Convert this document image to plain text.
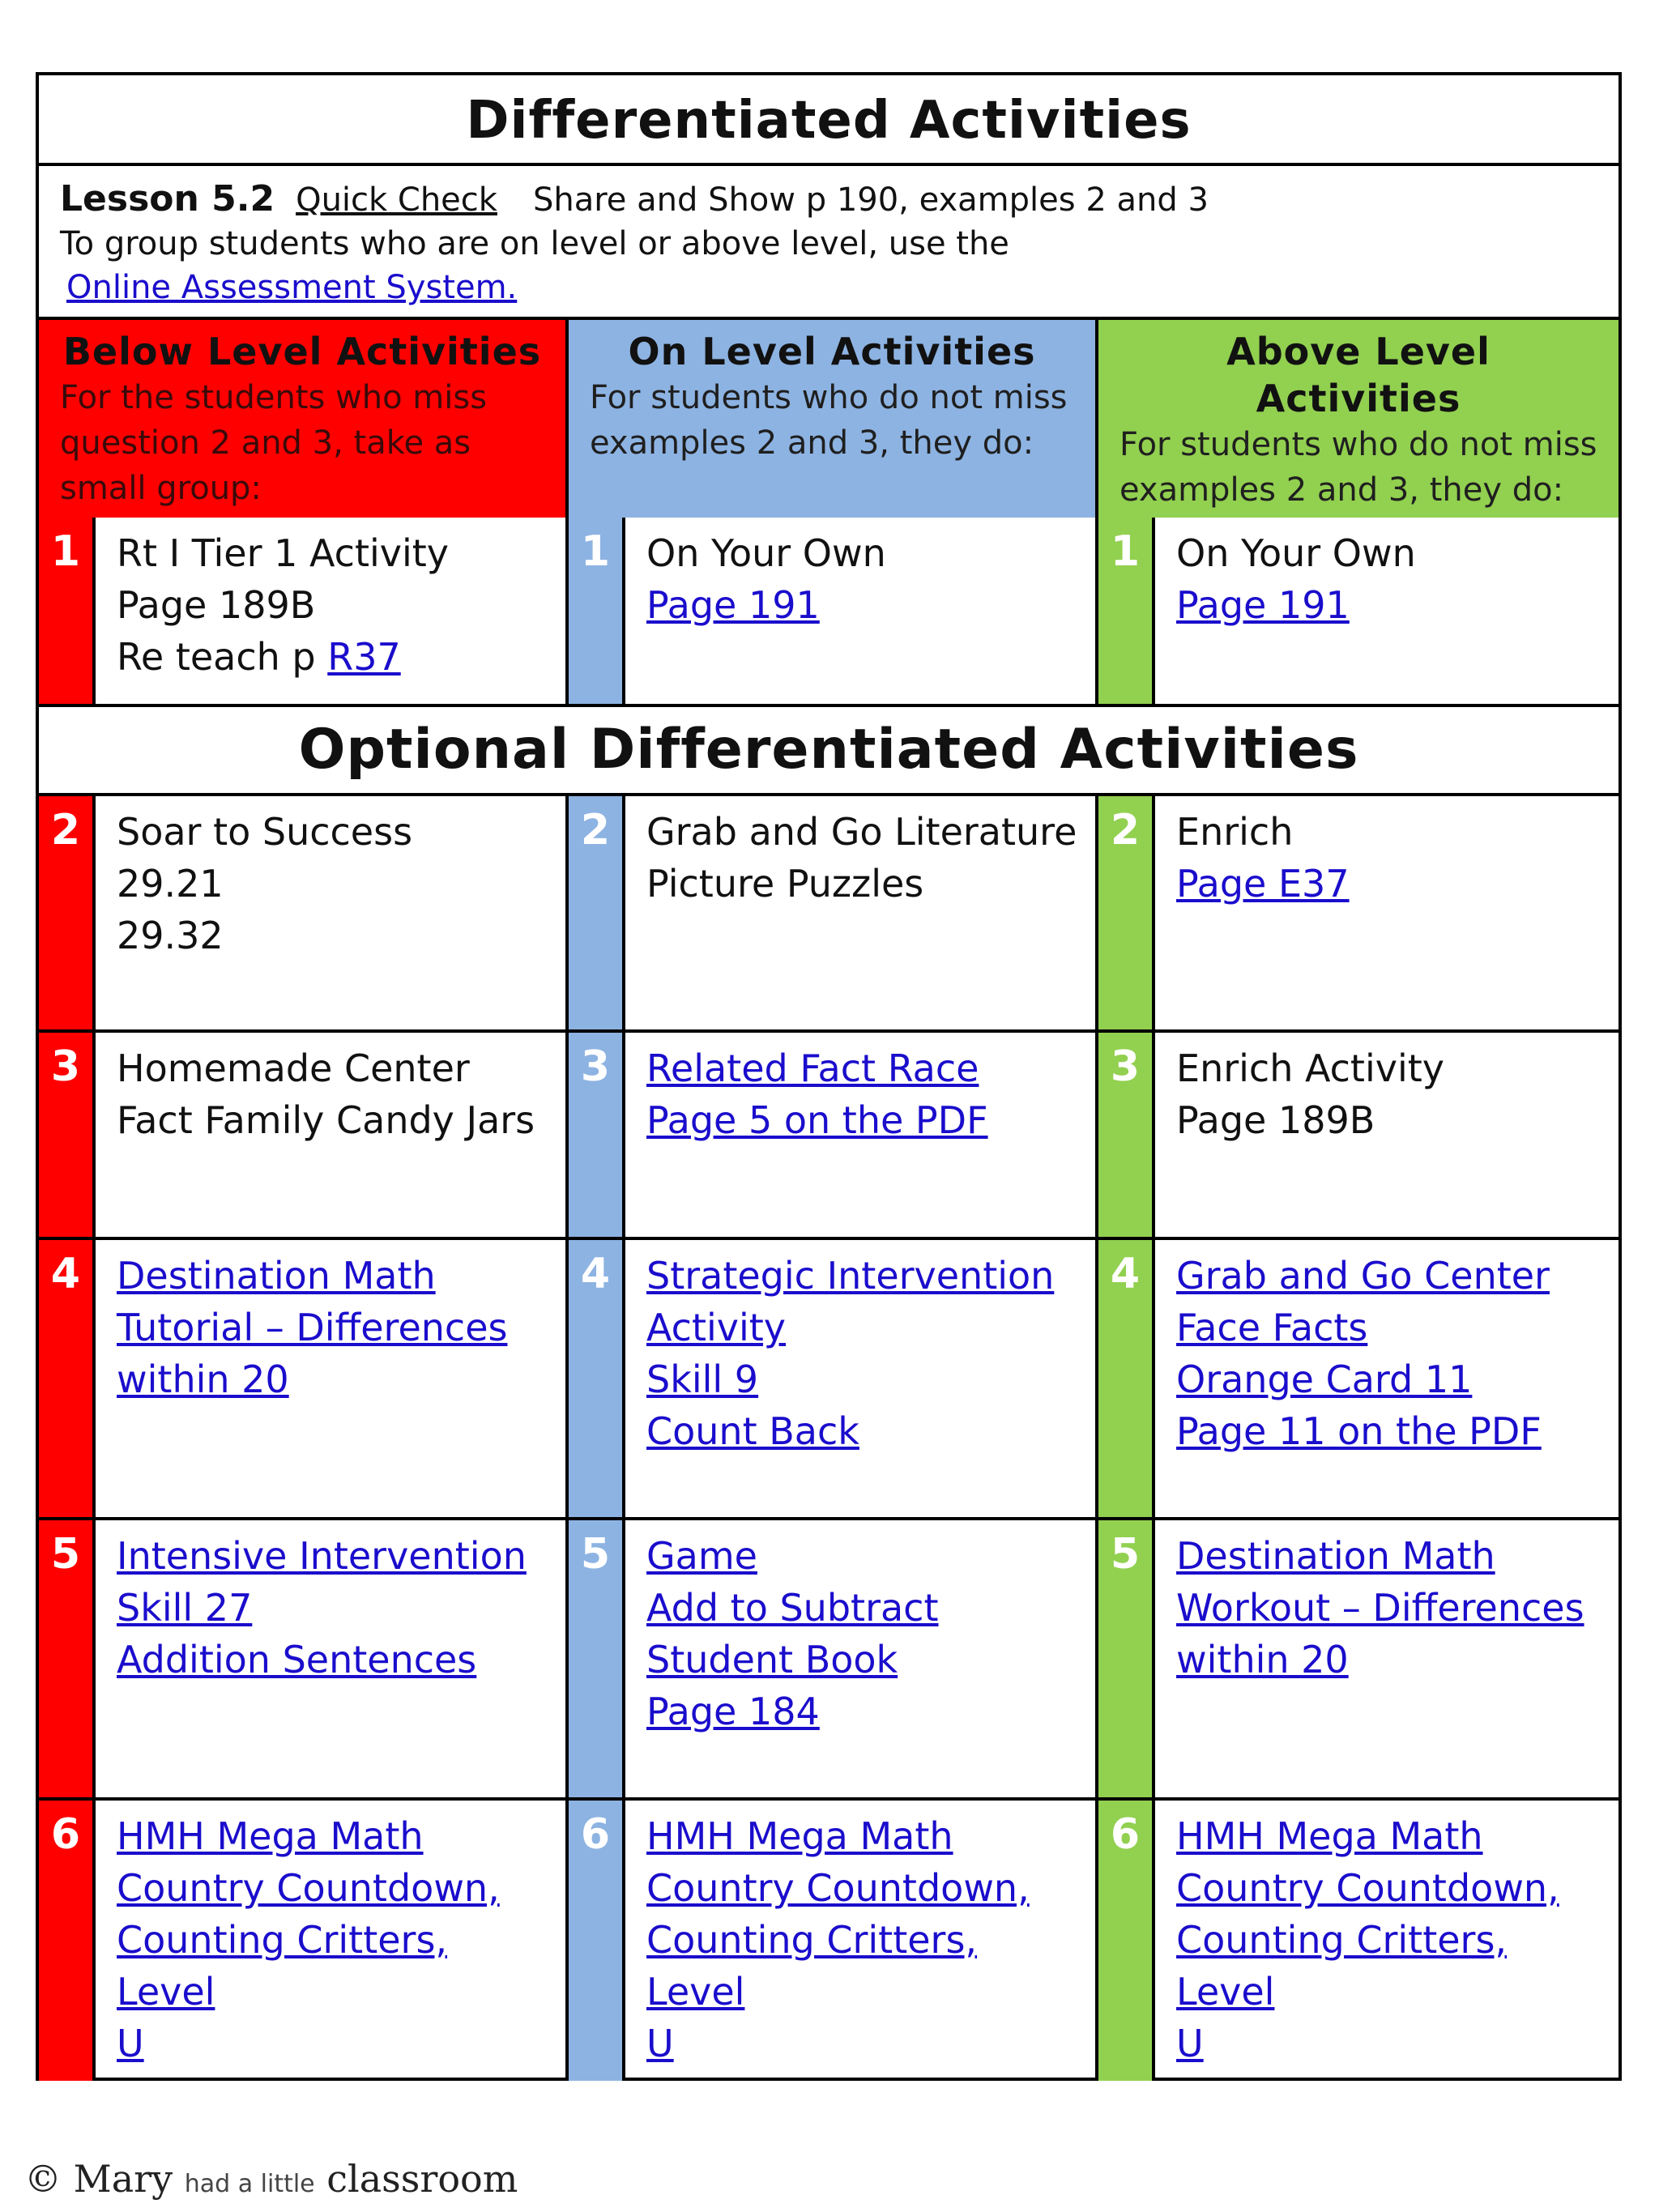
Differentiated Activities
Lesson 5.2 Quick Check Share and Show p 190, examples 2 and 3
To group students who are on level or above level, use the
Online Assessment System.
Below Level Activities
For the students who miss question 2 and 3, take as small group:
On Level Activities
For students who do not miss examples 2 and 3, they do:
Above Level Activities
For students who do not miss examples 2 and 3, they do:
1 Rt I Tier 1 Activity
Page 189B
Re teach p R37
1 On Your Own
Page 191
1 On Your Own
Page 191
Optional Differentiated Activities
2 Soar to Success
29.21
29.32
2 Grab and Go Literature
Picture Puzzles
2 Enrich
Page E37
3 Homemade Center
Fact Family Candy Jars
3 Related Fact Race
Page 5 on the PDF
3 Enrich Activity
Page 189B
4 Destination Math
Tutorial – Differences
within 20
4 Strategic Intervention
Activity
Skill 9
Count Back
4 Grab and Go Center
Face Facts
Orange Card 11
Page 11 on the PDF
5 Intensive Intervention
Skill 27
Addition Sentences
5 Game
Add to Subtract
Student Book
Page 184
5 Destination Math
Workout – Differences
within 20
6 HMH Mega Math
Country Countdown,
Counting Critters, Level
U
6 HMH Mega Math
Country Countdown,
Counting Critters, Level
U
6 HMH Mega Math
Country Countdown,
Counting Critters, Level
U
© Mary had a little classroom
